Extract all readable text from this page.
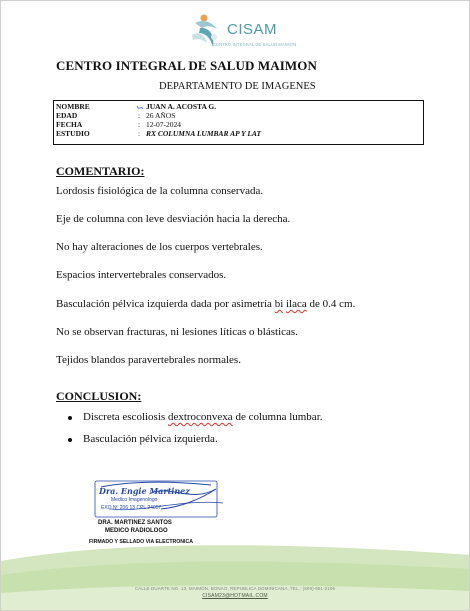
CISAM
CENTRO INTEGRAL DE SALUD MAIMON
CENTRO INTEGRAL DE SALUD MAIMON
DEPARTAMENTO DE IMAGENES
NOMBRE	JUAN A. ACOSTA G.
EDAD	: 26 AÑOS
FECHA	: 12-07-2024
ESTUDIO	: RX COLUMNA LUMBAR AP Y LAT
COMENTARIO:
Lordosis fisiológica de la columna conservada.
Eje de columna con leve desviación hacia la derecha.
No hay alteraciones de los cuerpos vertebrales.
Espacios intervertebrales conservados.
Basculación pélvica izquierda dada por asimetría bi ilaca de 0.4 cm.
No se observan fracturas, ni lesiones líticas o blásticas.
Tejidos blandos paravertebrales normales.
CONCLUSION:
Discreta escoliosis dextroconvexa de columna lumbar.
Basculación pélvica izquierda.
Dra. Engie Martinez
Medico Imagenologo
EXQ Nº 206 13 CPL 24057
DRA. MARTINEZ SANTOS
MEDICO RADIOLOGO
FIRMADO Y SELLADO VIA ELECTRONICA
CALLE DUARTE NO. 13, MAIMÓN, BONAO, REPUBLICA DOMINICANA, TEL.: (809)-551-2106
CISAM23@HOTMAIL.COM
